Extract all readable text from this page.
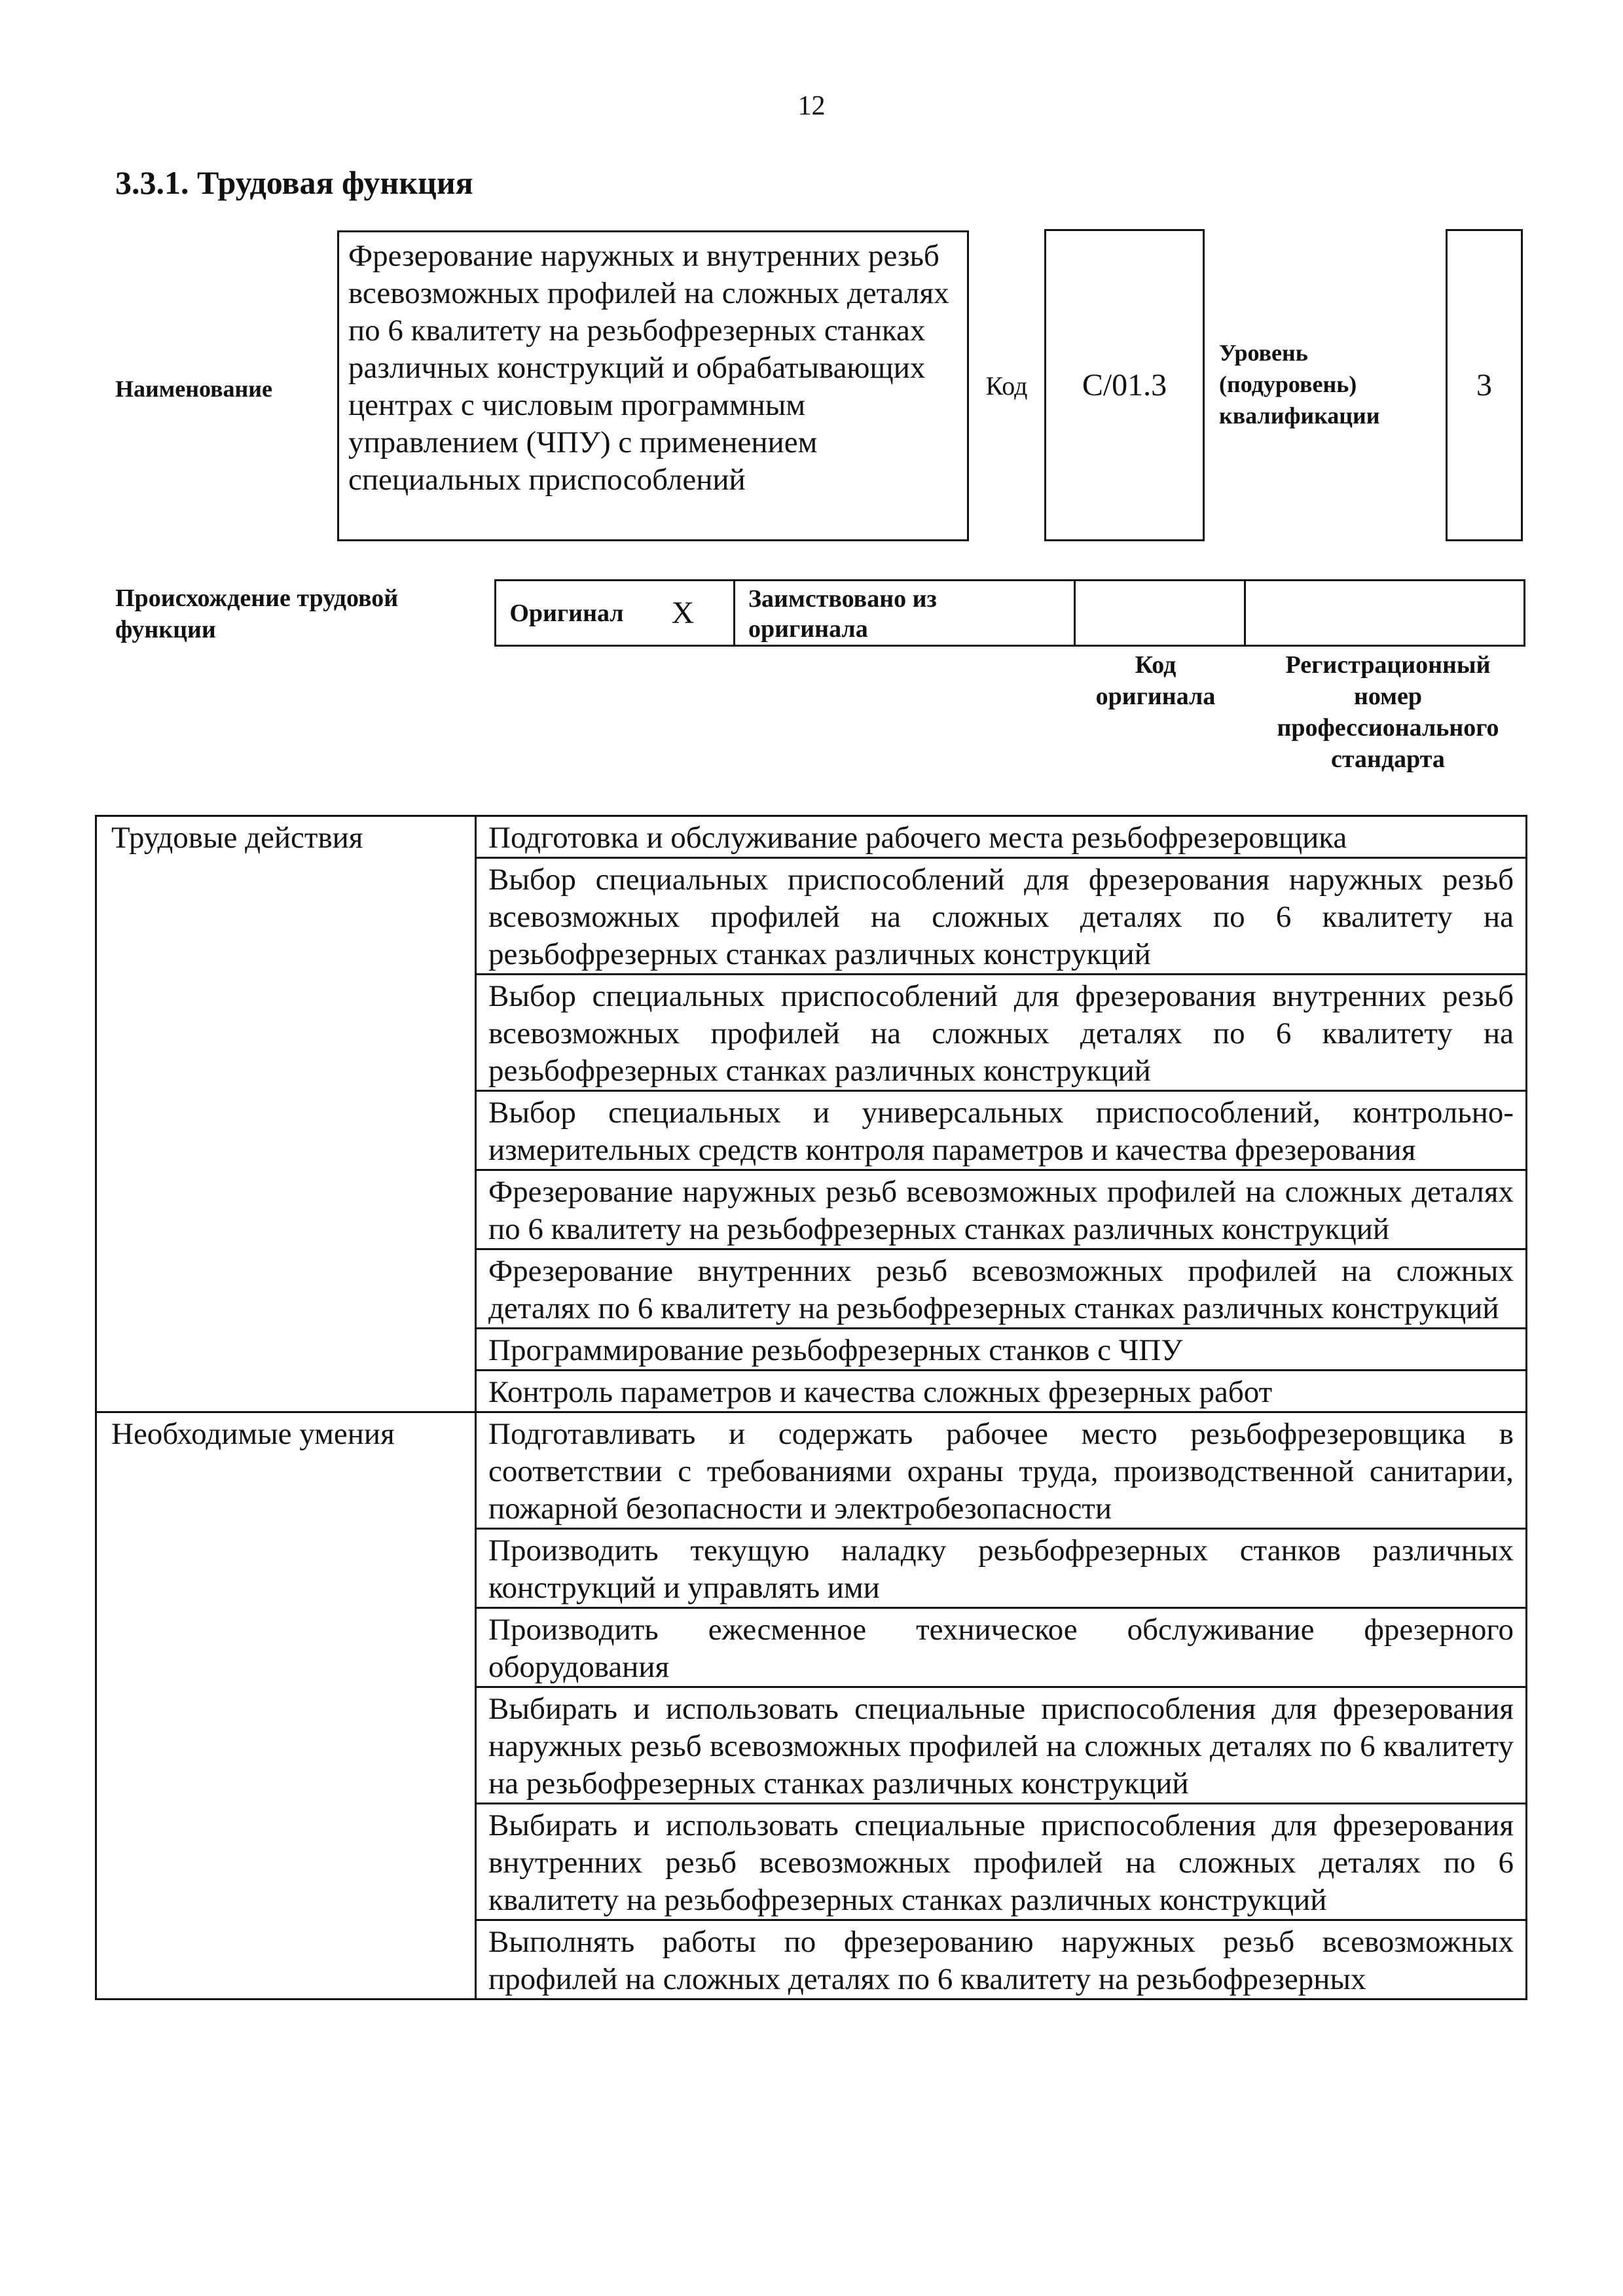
12
3.3.1. Трудовая функция
Наименование
Фрезерование наружных и внутренних резьб всевозможных профилей на сложных деталях по 6 квалитету на резьбофрезерных станках различных конструкций и обрабатывающих центрах с числовым программным управлением (ЧПУ) с применением специальных приспособлений
Код	C/01.3
Уровень (подуровень) квалификации
3
Происхождение трудовой функции
Оригинал	X	Заимствовано из оригинала
Код оригинала
Регистрационный номер профессионального стандарта
Трудовые действия	Подготовка и обслуживание рабочего места резьбофрезеровщика
	Выбор специальных приспособлений для фрезерования наружных резьб всевозможных профилей на сложных деталях по 6 квалитету на резьбофрезерных станках различных конструкций
	Выбор специальных приспособлений для фрезерования внутренних резьб всевозможных профилей на сложных деталях по 6 квалитету на резьбофрезерных станках различных конструкций
	Выбор специальных и универсальных приспособлений, контрольно-измерительных средств контроля параметров и качества фрезерования
	Фрезерование наружных резьб всевозможных профилей на сложных деталях по 6 квалитету на резьбофрезерных станках различных конструкций
	Фрезерование внутренних резьб всевозможных профилей на сложных деталях по 6 квалитету на резьбофрезерных станках различных конструкций
	Программирование резьбофрезерных станков с ЧПУ
	Контроль параметров и качества сложных фрезерных работ
Необходимые умения	Подготавливать и содержать рабочее место резьбофрезеровщика в соответствии с требованиями охраны труда, производственной санитарии, пожарной безопасности и электробезопасности
	Производить текущую наладку резьбофрезерных станков различных конструкций и управлять ими
	Производить ежесменное техническое обслуживание фрезерного оборудования
	Выбирать и использовать специальные приспособления для фрезерования наружных резьб всевозможных профилей на сложных деталях по 6 квалитету на резьбофрезерных станках различных конструкций
	Выбирать и использовать специальные приспособления для фрезерования внутренних резьб всевозможных профилей на сложных деталях по 6 квалитету на резьбофрезерных станках различных конструкций
	Выполнять работы по фрезерованию наружных резьб всевозможных профилей на сложных деталях по 6 квалитету на резьбофрезерных
